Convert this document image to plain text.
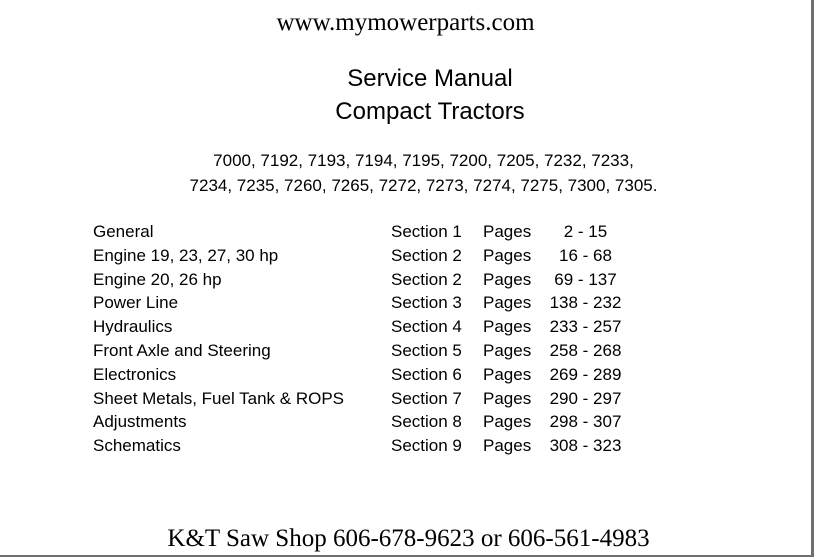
www.mymowerparts.com
Service Manual
Compact Tractors
7000, 7192, 7193, 7194, 7195, 7200, 7205, 7232, 7233,
7234, 7235, 7260, 7265, 7272, 7273, 7274, 7275, 7300, 7305.
General	Section 1 Pages	2 - 15
Engine 19, 23, 27, 30 hp	Section 2 Pages	16 - 68
Engine 20, 26 hp	Section 2 Pages	69 - 137
Power Line	Section 3 Pages	138 - 232
Hydraulics	Section 4 Pages	233 - 257
Front Axle and Steering	Section 5 Pages	258 - 268
Electronics	Section 6 Pages	269 - 289
Sheet Metals, Fuel Tank & ROPS	Section 7 Pages	290 - 297
Adjustments	Section 8 Pages	298 - 307
Schematics	Section 9 Pages	308 - 323
K&T Saw Shop 606-678-9623 or 606-561-4983
